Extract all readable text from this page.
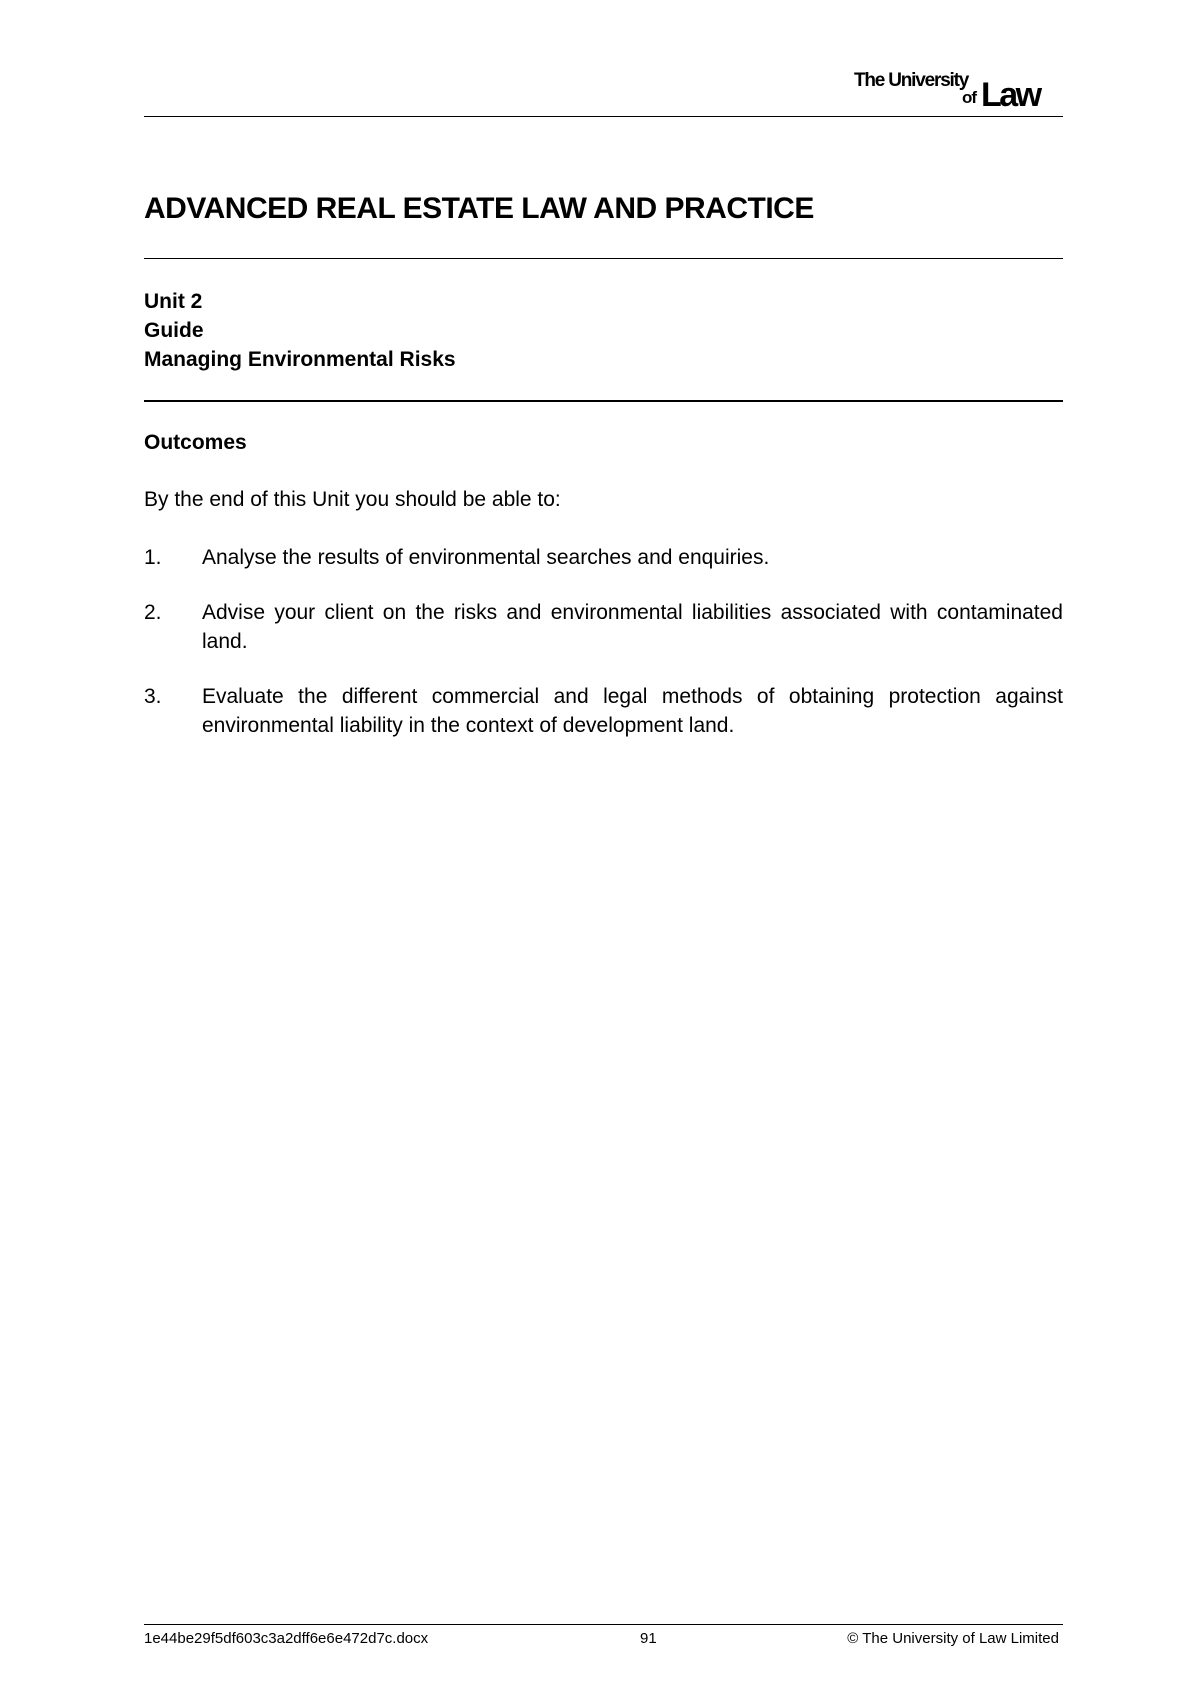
The University
of Law
ADVANCED REAL ESTATE LAW AND PRACTICE
Unit 2
Guide
Managing Environmental Risks
Outcomes
By the end of this Unit you should be able to:
1. Analyse the results of environmental searches and enquiries.
2. Advise your client on the risks and environmental liabilities associated with contaminated land.
3. Evaluate the different commercial and legal methods of obtaining protection against environmental liability in the context of development land.
1e44be29f5df603c3a2dff6e6e472d7c.docx	91	© The University of Law Limited
